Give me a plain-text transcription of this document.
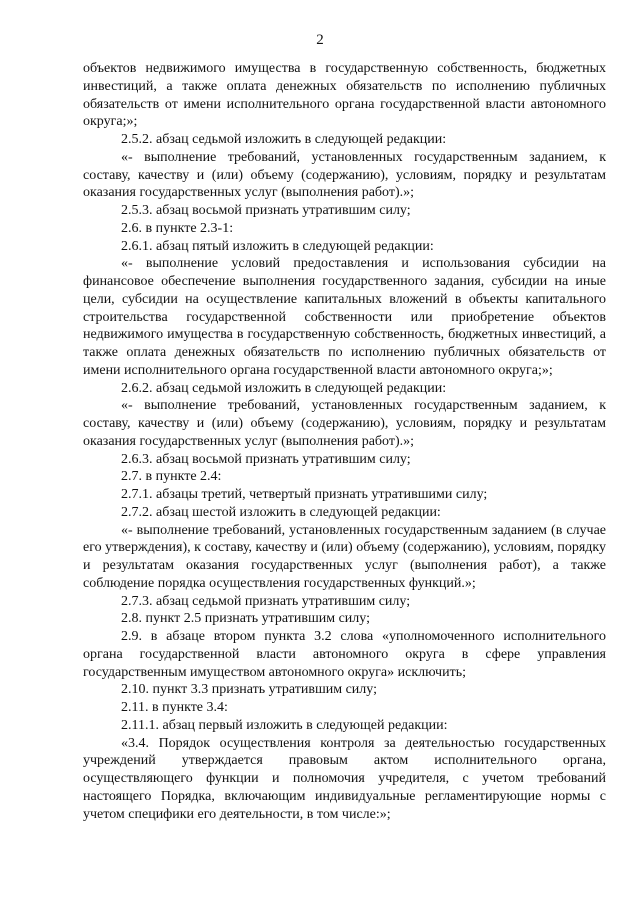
2

объектов недвижимого имущества в государственную собственность, бюджетных инвестиций, а также оплата денежных обязательств по исполнению публичных обязательств от имени исполнительного органа государственной власти автономного округа;»;

2.5.2. абзац седьмой изложить в следующей редакции:

«- выполнение требований, установленных государственным заданием, к составу, качеству и (или) объему (содержанию), условиям, порядку и результатам оказания государственных услуг (выполнения работ).»;

2.5.3. абзац восьмой признать утратившим силу;

2.6. в пункте 2.3-1:

2.6.1. абзац пятый изложить в следующей редакции:

«- выполнение условий предоставления и использования субсидии на финансовое обеспечение выполнения государственного задания, субсидии на иные цели, субсидии на осуществление капитальных вложений в объекты капитального строительства государственной собственности или приобретение объектов недвижимого имущества в государственную собственность, бюджетных инвестиций, а также оплата денежных обязательств по исполнению публичных обязательств от имени исполнительного органа государственной власти автономного округа;»;

2.6.2. абзац седьмой изложить в следующей редакции:

«- выполнение требований, установленных государственным заданием, к составу, качеству и (или) объему (содержанию), условиям, порядку и результатам оказания государственных услуг (выполнения работ).»;

2.6.3. абзац восьмой признать утратившим силу;

2.7. в пункте 2.4:

2.7.1. абзацы третий, четвертый признать утратившими силу;

2.7.2. абзац шестой изложить в следующей редакции:

«- выполнение требований, установленных государственным заданием (в случае его утверждения), к составу, качеству и (или) объему (содержанию), условиям, порядку и результатам оказания государственных услуг (выполнения работ), а также соблюдение порядка осуществления государственных функций.»;

2.7.3. абзац седьмой признать утратившим силу;

2.8. пункт 2.5 признать утратившим силу;

2.9. в абзаце втором пункта 3.2 слова «уполномоченного исполнительного органа государственной власти автономного округа в сфере управления государственным имуществом автономного округа» исключить;

2.10. пункт 3.3 признать утратившим силу;

2.11. в пункте 3.4:

2.11.1. абзац первый изложить в следующей редакции:

«3.4. Порядок осуществления контроля за деятельностью государственных учреждений утверждается правовым актом исполнительного органа, осуществляющего функции и полномочия учредителя, с учетом требований настоящего Порядка, включающим индивидуальные регламентирующие нормы с учетом специфики его деятельности, в том числе:»;
